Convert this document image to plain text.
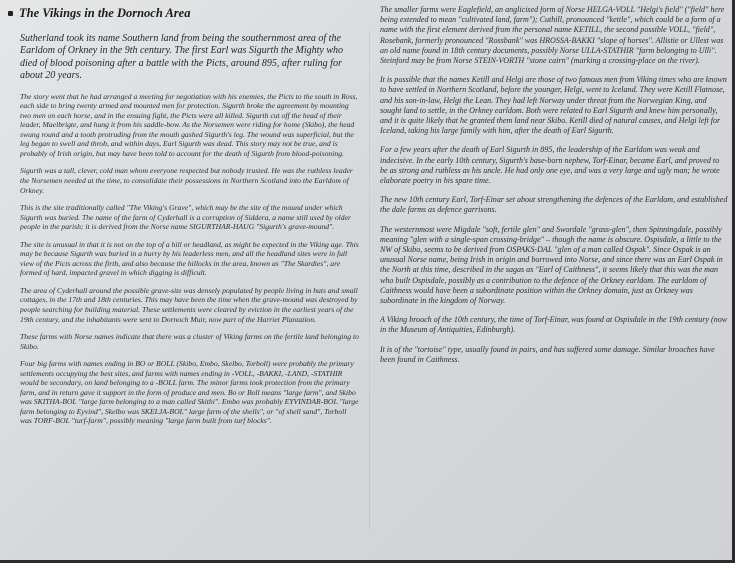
The Vikings in the Dornoch Area
Sutherland took its name Southern land from being the southernmost area of the Earldom of Orkney in the 9th century. The first Earl was Sigurth the Mighty who died of blood poisoning after a battle with the Picts, around 895, after ruling for about 20 years.
The story went that he had arranged a meeting for negotiation with his enemies, the Picts to the south in Ross, each side to bring twenty armed and mounted men for protection. Sigurth broke the agreement by mounting two men on each horse, and in the ensuing fight, the Picts were all killed. Sigurth cut off the head of their leader, Maelbrigte, and hung it from his saddle-bow. As the Norsemen were riding for home (Skibo), the head swung round and a tooth protruding from the mouth gashed Sigurth's leg. The wound was superficial, but the leg began to swell and throb, and within days, Earl Sigurth was dead. This story may not be true, and is probably of Irish origin, but may have been told to account for the death of Sigurth from blood-poisoning.
Sigurth was a tall, clever, cold man whom everyone respected but nobody trusted. He was the ruthless leader the Norsemen needed at the time, to consolidate their possessions in Northern Scotland into the Earldom of Orkney.
This is the site traditionally called "The Viking's Grave", which may be the site of the mound under which Sigurth was buried. The name of the farm of Cyderhall is a corruption of Siddera, a name still used by older people in the parish; it is derived from the Norse name SIGURTHAR-HAUG "Sigurth's grave-mound".
The site is unusual in that it is not on the top of a hill or headland, as might be expected in the Viking age. This may be because Sigurth was buried in a hurry by his leaderless men, and all the headland sites were in full view of the Picts across the firth, and also because the hillocks in the area, known as "The Skardies", are formed of hard, impacted gravel in which digging is difficult.
The area of Cyderhall around the possible grave-site was densely populated by people living in huts and small cottages, in the 17th and 18th centuries. This may have been the time when the grave-mound was destroyed by people searching for building material. These settlements were cleared by eviction in the earliest years of the 19th century, and the inhabitants were sent to Dornoch Muir, now part of the Harriet Plantation.
These farms with Norse names indicate that there was a cluster of Viking farms on the fertile land belonging to Skibo.
Four big farms with names ending in BO or BOLL (Skibo, Embo, Skelbo, Torboll) were probably the primary settlements occupying the best sites, and farms with names ending in -VOLL, -BAKKI, -LAND, -STATHIR would be secondary, on land belonging to a -BOLL farm. The minor farms took protection from the primary farm, and in return gave it support in the form of produce and men. Bo or Boll means "large farm", and Skibo was SKITHA-BOL "large farm belonging to a man called Skithi". Embo was probably EYVINDAR-BOL "large farm belonging to Eyvind", Skelbo was SKELJA-BOL" large farm of the shells", or "of shell sand", Torboll was TORF-BOL "turf-farm", possibly meaning "large farm built from turf blocks".
The smaller farms were Eaglefield, an anglicised form of Norse HELGA-VOLL "Helgi's field" ("field" here being extended to mean "cultivated land, farm"); Cuthill, pronounced "kettle", which could be a form of a name with the first element derived from the personal name KETILL, the second possible VOLL, "field", Rosebank, formerly pronounced "Rossbank" was HROSSA-BAKKI "slope of horses". Allistie or Ullest was an old name found in 18th century documents, possibly Norse ULLA-STATHIR "farm belonging to Ulli". Steinford may be from Norse STEIN-VORTH "stone cairn" (marking a crossing-place on the river).
It is possible that the names Ketill and Helgi are those of two famous men from Viking times who are known to have settled in Northern Scotland, before the younger, Helgi, went to Iceland. They were Ketill Flatnose, and his son-in-law, Helgi the Lean. They had left Norway under threat from the Norwegian King, and sought land to settle, in the Orkney earldom. Both were related to Earl Sigurth and knew him personally, and it is quite likely that he granted them land near Skibo. Ketill died of natural causes, and Helgi left for Iceland, taking his large family with him, after the death of Earl Sigurth.
For a few years after the death of Earl Sigurth in 895, the leadership of the Earldom was weak and indecisive. In the early 10th century, Sigurth's base-born nephew, Torf-Einar, became Earl, and proved to be as strong and ruthless as his uncle. He had only one eye, and was a very large and ugly man; he wrote elaborate poetry in his spare time.
The new 10th century Earl, Torf-Einar set about strengthening the defences of the Earldom, and established the dale farms as defence garrisons.
The westernmost were Migdale "soft, fertile glen" and Swordale "grass-glen", then Spinningdale, possibly meaning "glen with a single-span crossing-bridge" – though the name is obscure. Ospisdale, a little to the NW of Skibo, seems to be derived from OSPAKS-DAL "glen of a man called Ospak". Since Ospak is an unusual Norse name, being Irish in origin and borrowed into Norse, and since there was an Earl Ospak in the North at this time, described in the sagas as "Earl of Caithness", it seems likely that this was the man who built Ospisdale, possibly as a contribution to the defence of the Orkney earldom. The earldom of Caithness would have been a subordinate position within the Orkney domain, just as Orkney was subordinate in the kingdom of Norway.
A Viking brooch of the 10th century, the time of Torf-Einar, was found at Ospisdale in the 19th century (now in the Museum of Antiquities, Edinburgh).
It is of the "tortoise" type, usually found in pairs, and has suffered some damage. Similar brooches have been found in Caithness.
